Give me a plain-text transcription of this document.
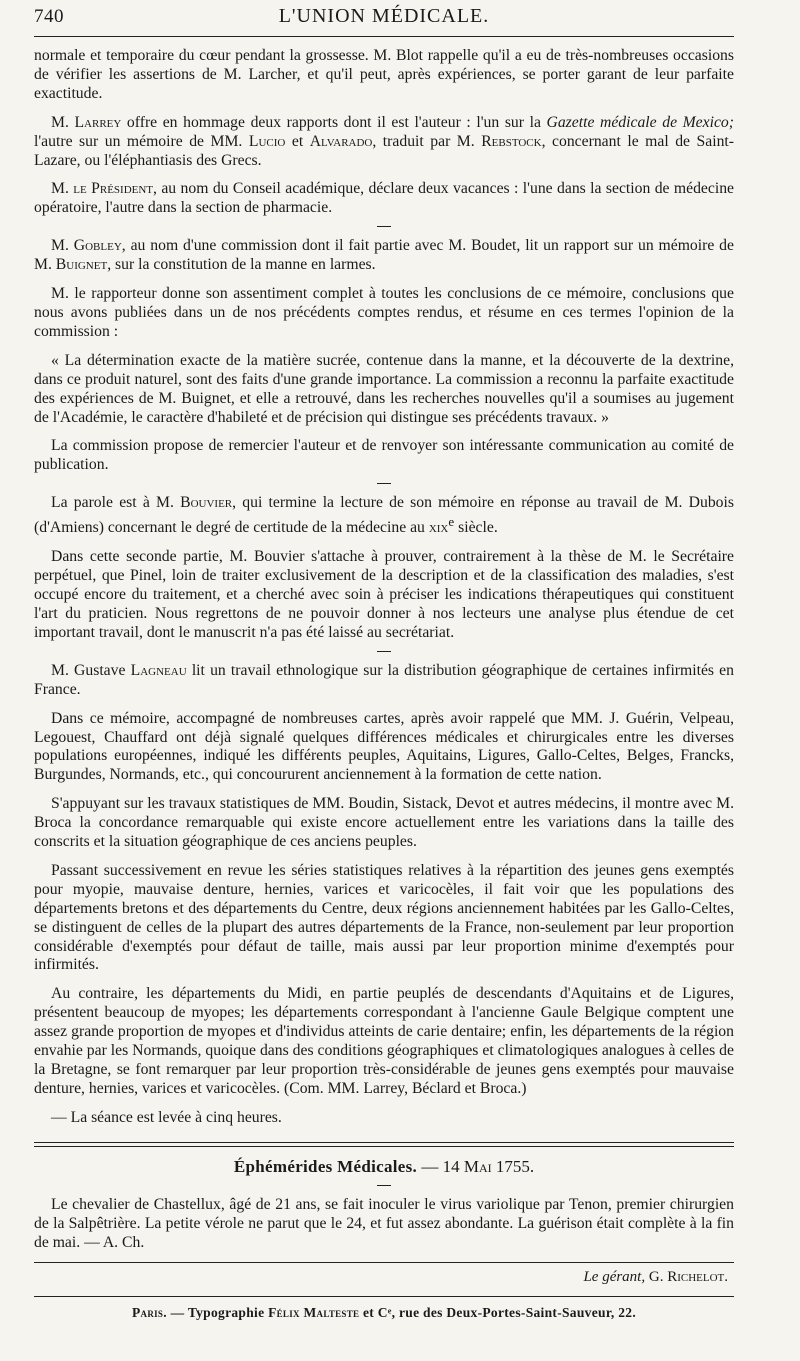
740	L'UNION MÉDICALE.

normale et temporaire du cœur pendant la grossesse. M. Blot rappelle qu'il a eu de très-nombreuses occasions de vérifier les assertions de M. Larcher, et qu'il peut, après expériences, se porter garant de leur parfaite exactitude.

M. Larrey offre en hommage deux rapports dont il est l'auteur : l'un sur la Gazette médicale de Mexico; l'autre sur un mémoire de MM. Lucio et Alvarado, traduit par M. Rebstock, concernant le mal de Saint-Lazare, ou l'éléphantiasis des Grecs.

M. le Président, au nom du Conseil académique, déclare deux vacances : l'une dans la section de médecine opératoire, l'autre dans la section de pharmacie.

M. Gobley, au nom d'une commission dont il fait partie avec M. Boudet, lit un rapport sur un mémoire de M. Buignet, sur la constitution de la manne en larmes.

M. le rapporteur donne son assentiment complet à toutes les conclusions de ce mémoire, conclusions que nous avons publiées dans un de nos précédents comptes rendus, et résume en ces termes l'opinion de la commission :

« La détermination exacte de la matière sucrée, contenue dans la manne, et la découverte de la dextrine, dans ce produit naturel, sont des faits d'une grande importance. La commission a reconnu la parfaite exactitude des expériences de M. Buignet, et elle a retrouvé, dans les recherches nouvelles qu'il a soumises au jugement de l'Académie, le caractère d'habileté et de précision qui distingue ses précédents travaux. »

La commission propose de remercier l'auteur et de renvoyer son intéressante communication au comité de publication.

La parole est à M. Bouvier, qui termine la lecture de son mémoire en réponse au travail de M. Dubois (d'Amiens) concernant le degré de certitude de la médecine au xix$^e$ siècle.

Dans cette seconde partie, M. Bouvier s'attache à prouver, contrairement à la thèse de M. le Secrétaire perpétuel, que Pinel, loin de traiter exclusivement de la description et de la classification des maladies, s'est occupé encore du traitement, et a cherché avec soin à préciser les indications thérapeutiques qui constituent l'art du praticien. Nous regrettons de ne pouvoir donner à nos lecteurs une analyse plus étendue de cet important travail, dont le manuscrit n'a pas été laissé au secrétariat.

M. Gustave Lagneau lit un travail ethnologique sur la distribution géographique de certaines infirmités en France.

Dans ce mémoire, accompagné de nombreuses cartes, après avoir rappelé que MM. J. Guérin, Velpeau, Legouest, Chauffard ont déjà signalé quelques différences médicales et chirurgicales entre les diverses populations européennes, indiqué les différents peuples, Aquitains, Ligures, Gallo-Celtes, Belges, Francks, Burgundes, Normands, etc., qui concoururent anciennement à la formation de cette nation.

S'appuyant sur les travaux statistiques de MM. Boudin, Sistack, Devot et autres médecins, il montre avec M. Broca la concordance remarquable qui existe encore actuellement entre les variations dans la taille des conscrits et la situation géographique de ces anciens peuples.

Passant successivement en revue les séries statistiques relatives à la répartition des jeunes gens exemptés pour myopie, mauvaise denture, hernies, varices et varicocèles, il fait voir que les populations des départements bretons et des départements du Centre, deux régions anciennement habitées par les Gallo-Celtes, se distinguent de celles de la plupart des autres départements de la France, non-seulement par leur proportion considérable d'exemptés pour défaut de taille, mais aussi par leur proportion minime d'exemptés pour infirmités.

Au contraire, les départements du Midi, en partie peuplés de descendants d'Aquitains et de Ligures, présentent beaucoup de myopes; les départements correspondant à l'ancienne Gaule Belgique comptent une assez grande proportion de myopes et d'individus atteints de carie dentaire; enfin, les départements de la région envahie par les Normands, quoique dans des conditions géographiques et climatologiques analogues à celles de la Bretagne, se font remarquer par leur proportion très-considérable de jeunes gens exemptés pour mauvaise denture, hernies, varices et varicocèles. (Com. MM. Larrey, Béclard et Broca.)

— La séance est levée à cinq heures.

Éphémérides Médicales. — 14 Mai 1755.

Le chevalier de Chastellux, âgé de 21 ans, se fait inoculer le virus variolique par Tenon, premier chirurgien de la Salpêtrière. La petite vérole ne parut que le 24, et fut assez abondante. La guérison était complète à la fin de mai. — A. Ch.

Le gérant, G. Richelot.
Paris. — Typographie Félix Malteste et Cᵉ, rue des Deux-Portes-Saint-Sauveur, 22.
